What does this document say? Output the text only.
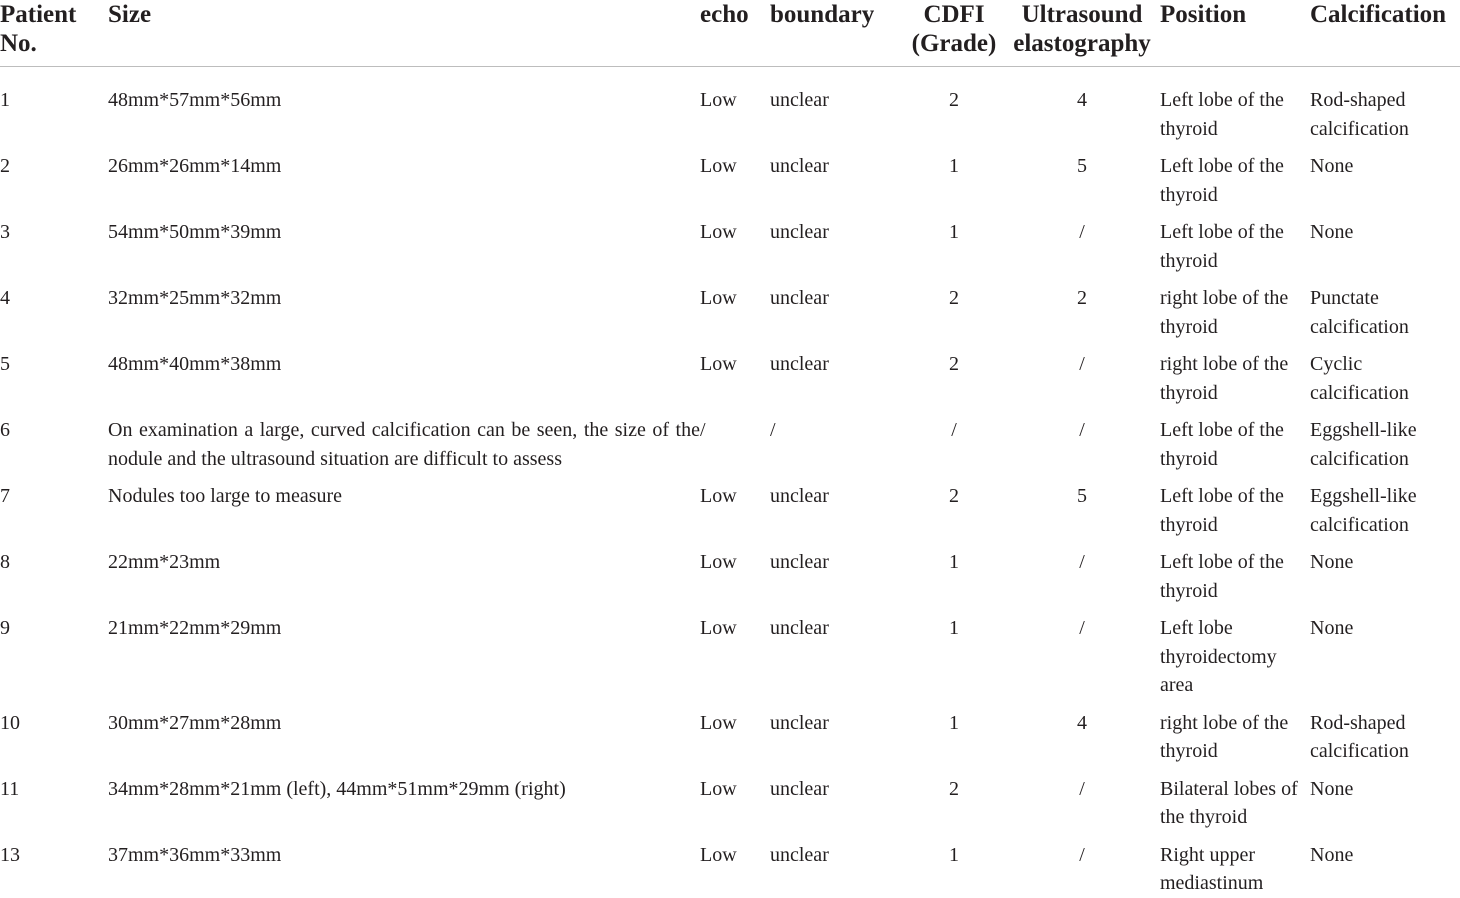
Patient No.	Size	echo	boundary	CDFI (Grade)	Ultrasound elastography	Position	Calcification
1	48mm*57mm*56mm	Low	unclear	2	4	Left lobe of the thyroid	Rod-shaped calcification
2	26mm*26mm*14mm	Low	unclear	1	5	Left lobe of the thyroid	None
3	54mm*50mm*39mm	Low	unclear	1	/	Left lobe of the thyroid	None
4	32mm*25mm*32mm	Low	unclear	2	2	right lobe of the thyroid	Punctate calcification
5	48mm*40mm*38mm	Low	unclear	2	/	right lobe of the thyroid	Cyclic calcification
6	On examination a large, curved calcification can be seen, the size of the nodule and the ultrasound situation are difficult to assess	/	/	/	/	Left lobe of the thyroid	Eggshell-like calcification
7	Nodules too large to measure	Low	unclear	2	5	Left lobe of the thyroid	Eggshell-like calcification
8	22mm*23mm	Low	unclear	1	/	Left lobe of the thyroid	None
9	21mm*22mm*29mm	Low	unclear	1	/	Left lobe thyroidectomy area	None
10	30mm*27mm*28mm	Low	unclear	1	4	right lobe of the thyroid	Rod-shaped calcification
11	34mm*28mm*21mm (left), 44mm*51mm*29mm (right)	Low	unclear	2	/	Bilateral lobes of the thyroid	None
13	37mm*36mm*33mm	Low	unclear	1	/	Right upper mediastinum	None
